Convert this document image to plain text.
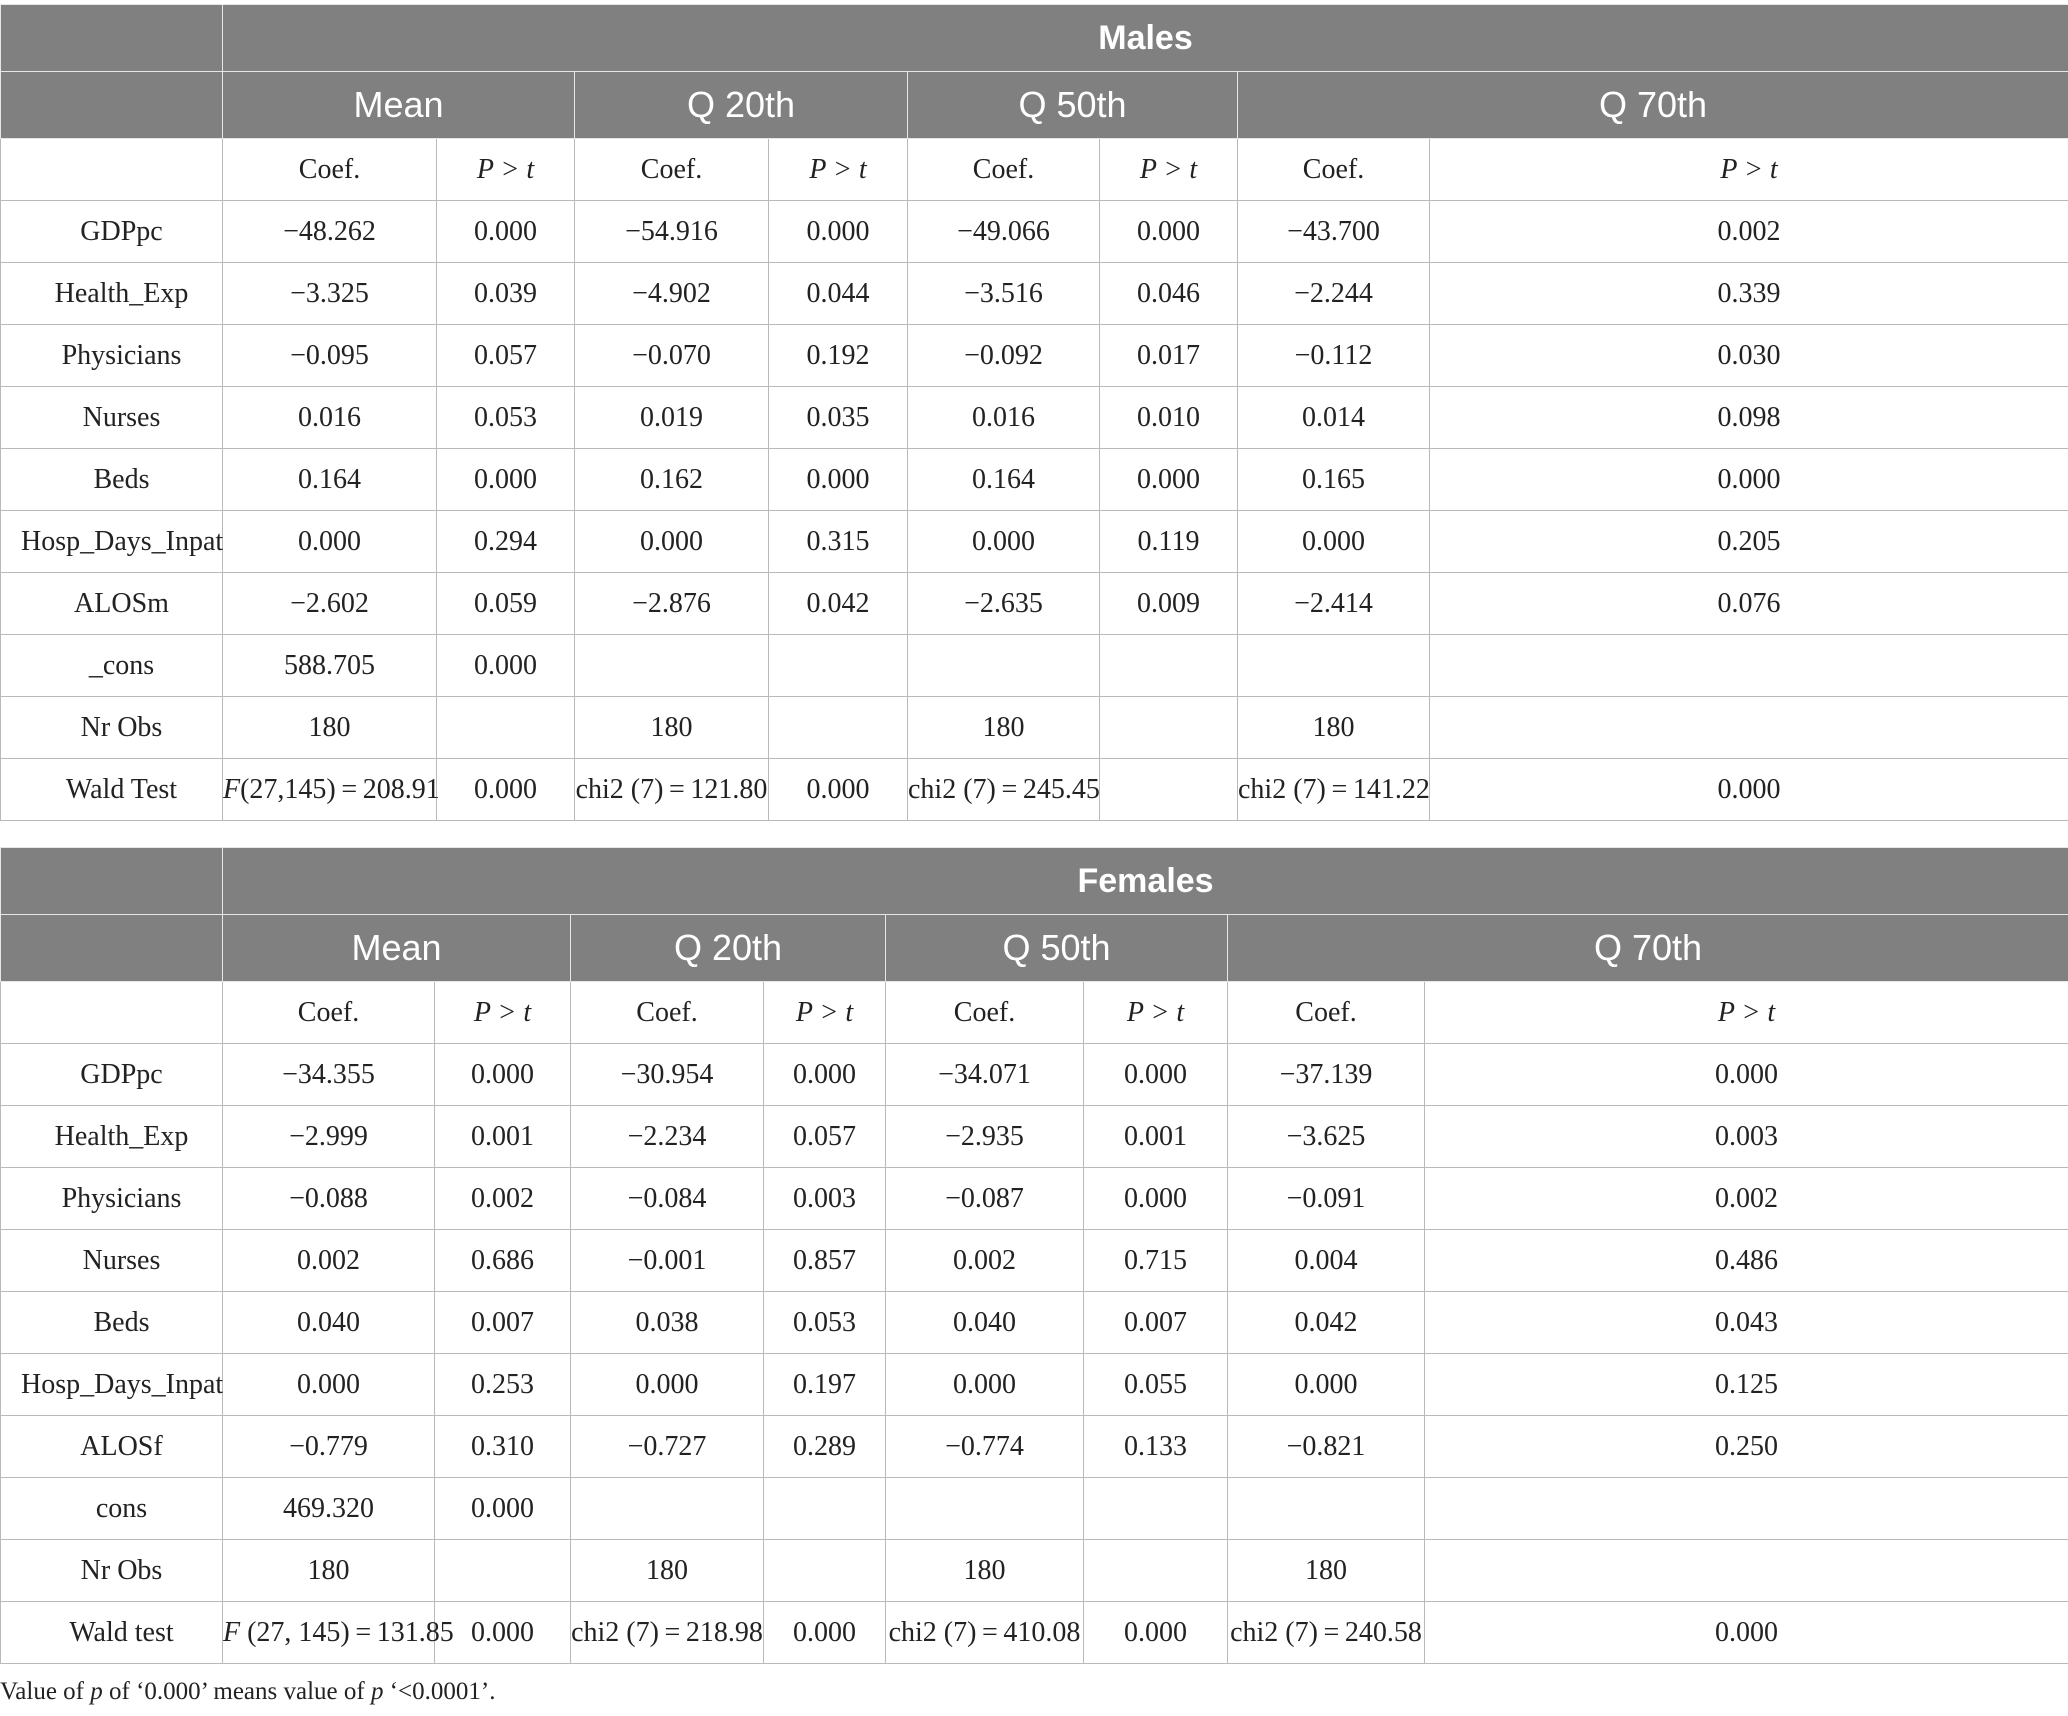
	Males							
	Mean		Q 20th		Q 50th		Q 70th	
	Coef.	P > t	Coef.	P > t	Coef.	P > t	Coef.	P > t
GDPpc	−48.262	0.000	−54.916	0.000	−49.066	0.000	−43.700	0.002
Health_Exp	−3.325	0.039	−4.902	0.044	−3.516	0.046	−2.244	0.339
Physicians	−0.095	0.057	−0.070	0.192	−0.092	0.017	−0.112	0.030
Nurses	0.016	0.053	0.019	0.035	0.016	0.010	0.014	0.098
Beds	0.164	0.000	0.162	0.000	0.164	0.000	0.165	0.000
Hosp_Days_Inpat	0.000	0.294	0.000	0.315	0.000	0.119	0.000	0.205
ALOSm	−2.602	0.059	−2.876	0.042	−2.635	0.009	−2.414	0.076
_cons	588.705	0.000						
Nr Obs	180		180		180		180	
Wald Test	F(27,145) = 208.91	0.000	chi2 (7) = 121.80	0.000	chi2 (7) = 245.45		chi2 (7) = 141.22	0.000
	Females							
	Mean		Q 20th		Q 50th		Q 70th	
	Coef.	P > t	Coef.	P > t	Coef.	P > t	Coef.	P > t
GDPpc	−34.355	0.000	−30.954	0.000	−34.071	0.000	−37.139	0.000
Health_Exp	−2.999	0.001	−2.234	0.057	−2.935	0.001	−3.625	0.003
Physicians	−0.088	0.002	−0.084	0.003	−0.087	0.000	−0.091	0.002
Nurses	0.002	0.686	−0.001	0.857	0.002	0.715	0.004	0.486
Beds	0.040	0.007	0.038	0.053	0.040	0.007	0.042	0.043
Hosp_Days_Inpat	0.000	0.253	0.000	0.197	0.000	0.055	0.000	0.125
ALOSf	−0.779	0.310	−0.727	0.289	−0.774	0.133	−0.821	0.250
cons	469.320	0.000						
Nr Obs	180		180		180		180	
Wald test	F (27, 145) = 131.85	0.000	chi2 (7) = 218.98	0.000	chi2 (7) = 410.08	0.000	chi2 (7) = 240.58	0.000
Value of p of ‘0.000’ means value of p ‘<0.0001’.
